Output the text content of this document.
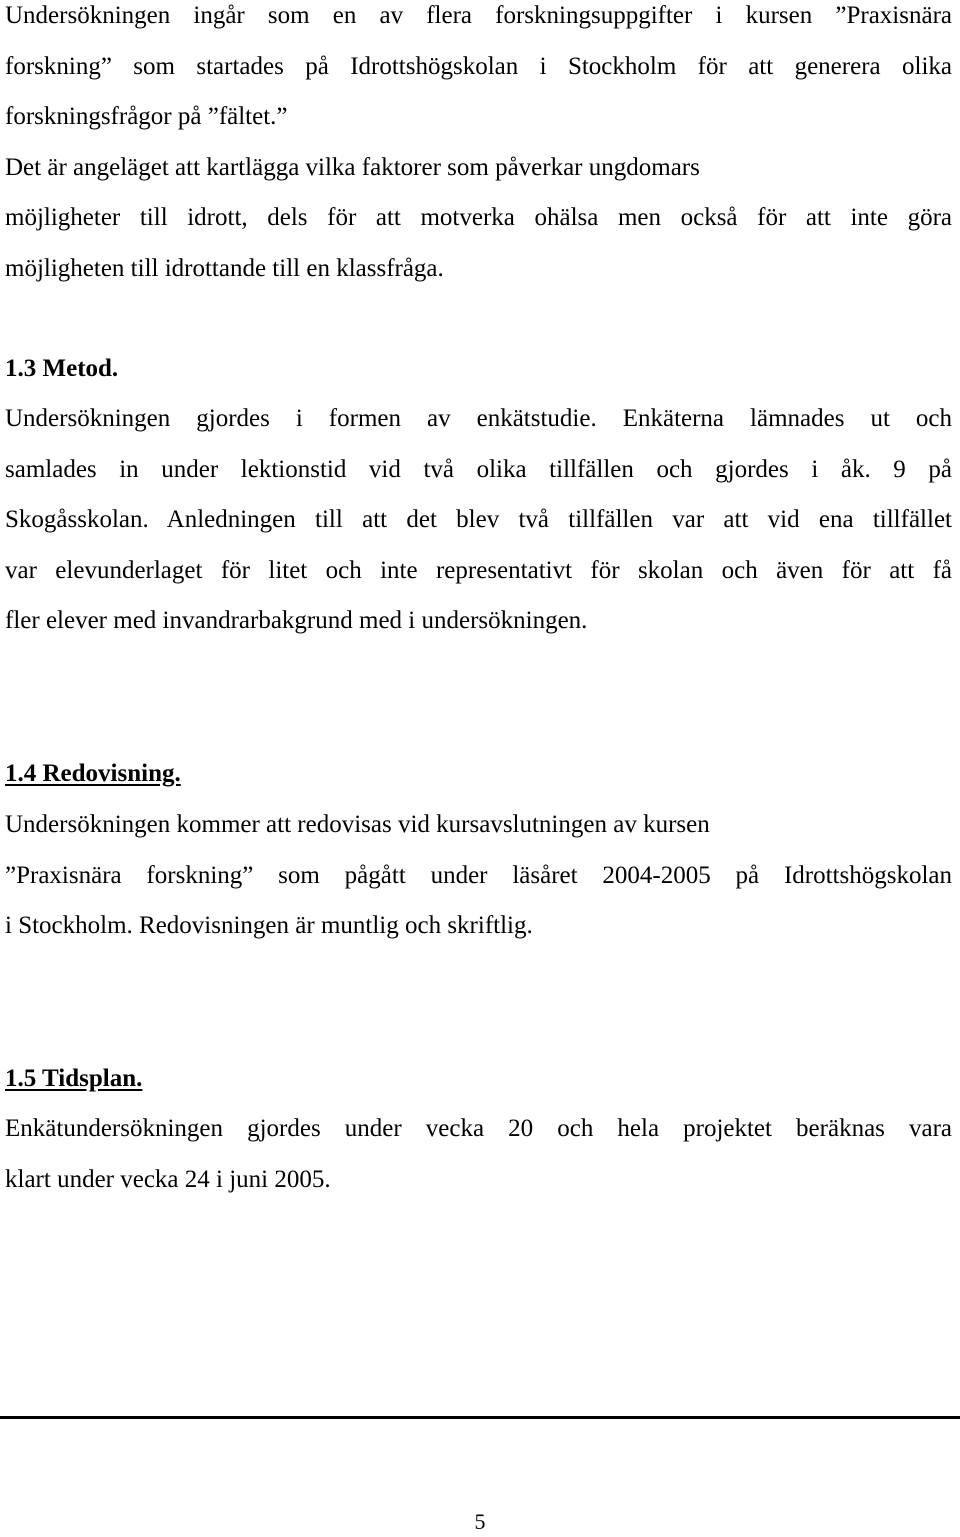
Undersökningen ingår som en av flera forskningsuppgifter i kursen ”Praxisnära
forskning” som startades på Idrottshögskolan i Stockholm för att generera olika
forskningsfrågor på ”fältet.”
Det är angeläget att kartlägga vilka faktorer som påverkar ungdomars
möjligheter till idrott, dels för att motverka ohälsa men också för att inte göra
möjligheten till idrottande till en klassfråga.
1.3 Metod.
Undersökningen gjordes i formen av enkätstudie. Enkäterna lämnades ut och
samlades in under lektionstid vid två olika tillfällen och gjordes i åk. 9 på
Skogåsskolan. Anledningen till att det blev två tillfällen var att vid ena tillfället
var elevunderlaget för litet och inte representativt för skolan och även för att få
fler elever med invandrarbakgrund med i undersökningen.
1.4 Redovisning.
Undersökningen kommer att redovisas vid kursavslutningen av kursen
”Praxisnära forskning” som pågått under läsåret 2004-2005 på Idrottshögskolan
i Stockholm. Redovisningen är muntlig och skriftlig.
1.5 Tidsplan.
Enkätundersökningen gjordes under vecka 20 och hela projektet beräknas vara
klart under vecka 24 i juni 2005.
5
